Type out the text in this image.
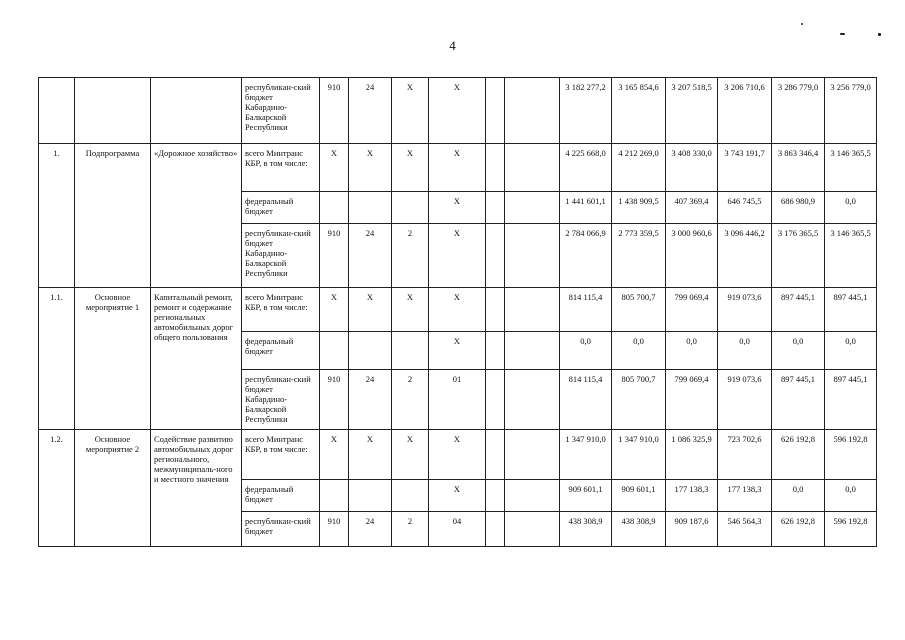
4
			республикан-ский бюджет Кабардино-Балкарской Республики	910	24	Х	Х			3 182 277,2	3 165 854,6	3 207 518,5	3 206 710,6	3 286 779,0	3 256 779,0
1.	Подпрограмма	«Дорожное хозяйство»	всего Минтранс КБР, в том числе:	Х	Х	Х	Х			4 225 668,0	4 212 269,0	3 408 330,0	3 743 191,7	3 863 346,4	3 146 365,5
			федеральный бюджет				Х			1 441 601,1	1 438 909,5	407 369,4	646 745,5	686 980,9	0,0
			республикан-ский бюджет Кабардино-Балкарской Республики	910	24	2	Х			2 784 066,9	2 773 359,5	3 000 960,6	3 096 446,2	3 176 365,5	3 146 365,5
1.1.	Основное мероприятие 1	Капитальный ремонт, ремонт и содержание региональных автомобильных дорог общего пользования	всего Минтранс КБР, в том числе:	Х	Х	Х	Х			814 115,4	805 700,7	799 069,4	919 073,6	897 445,1	897 445,1
			федеральный бюджет				Х			0,0	0,0	0,0	0,0	0,0	0,0
			республикан-ский бюджет Кабардино-Балкарской Республики	910	24	2	01			814 115,4	805 700,7	799 069,4	919 073,6	897 445,1	897 445,1
1.2.	Основное мероприятие 2	Содействие развитию автомобильных дорог регионального, межмуниципаль-ного и местного значения	всего Минтранс КБР, в том числе:	Х	Х	Х	Х			1 347 910,0	1 347 910,0	1 086 325,9	723 702,6	626 192,8	596 192,8
			федеральный бюджет				Х			909 601,1	909 601,1	177 138,3	177 138,3	0,0	0,0
			республикан-ский бюджет	910	24	2	04			438 308,9	438 308,9	909 187,6	546 564,3	626 192,8	596 192,8
